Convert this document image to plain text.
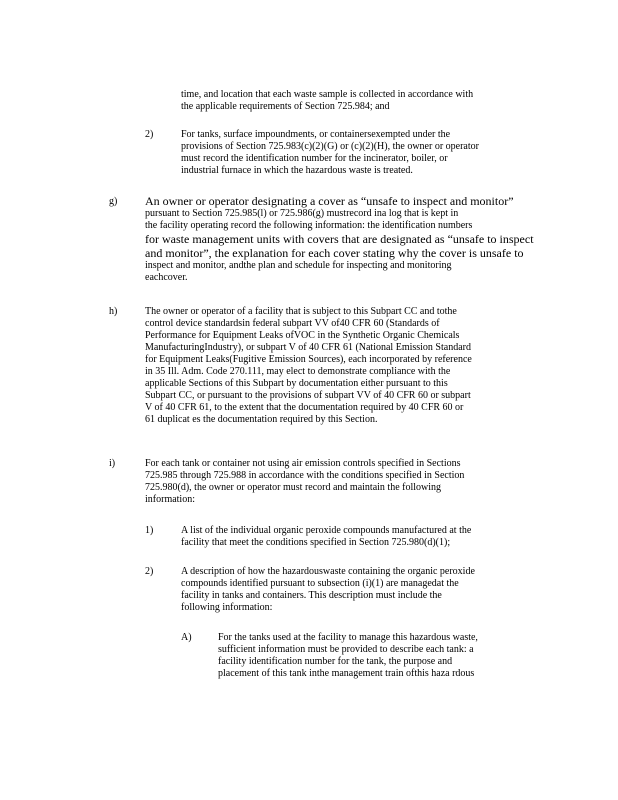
time, and location that each waste sample is collected in accordance with
the applicable requirements of Section 725.984; and
2)	For tanks, surface impoundments, or containersexempted under the
provisions of Section 725.983(c)(2)(G) or (c)(2)(H), the owner or operator
must record the identification number for the incinerator, boiler, or
industrial furnace in which the hazardous waste is treated.
g) An owner or operator designating a cover as “unsafe to inspect and monitor”
pursuant to Section 725.985(l) or 725.986(g) mustrecord ina log that is kept in
the facility operating record the following information: the identification numbers
for waste management units with covers that are designated as “unsafe to inspect
and monitor”, the explanation for each cover stating why the cover is unsafe to
inspect and monitor, andthe plan and schedule for inspecting and monitoring
eachcover.
h)	The owner or operator of a facility that is subject to this Subpart CC and tothe
control device standardsin federal subpart VV of40 CFR 60 (Standards of
Performance for Equipment Leaks ofVOC in the Synthetic Organic Chemicals
ManufacturingIndustry), or subpart V of 40 CFR 61 (National Emission Standard
for Equipment Leaks(Fugitive Emission Sources), each incorporated by reference
in 35 Ill. Adm. Code 270.111, may elect to demonstrate compliance with the
applicable Sections of this Subpart by documentation either pursuant to this
Subpart CC, or pursuant to the provisions of subpart VV of 40 CFR 60 or subpart
V of 40 CFR 61, to the extent that the documentation required by 40 CFR 60 or
61 duplicat es the documentation required by this Section.
i)	For each tank or container not using air emission controls specified in Sections
725.985 through 725.988 in accordance with the conditions specified in Section
725.980(d), the owner or operator must record and maintain the following
information:
1)	A list of the individual organic peroxide compounds manufactured at the
facility that meet the conditions specified in Section 725.980(d)(1);
2)	A description of how the hazardouswaste containing the organic peroxide
compounds identified pursuant to subsection (i)(1) are managedat the
facility in tanks and containers. This description must include the
following information:
A)	For the tanks used at the facility to manage this hazardous waste,
sufficient information must be provided to describe each tank: a
facility identification number for the tank, the purpose and
placement of this tank inthe management train ofthis haza rdous
